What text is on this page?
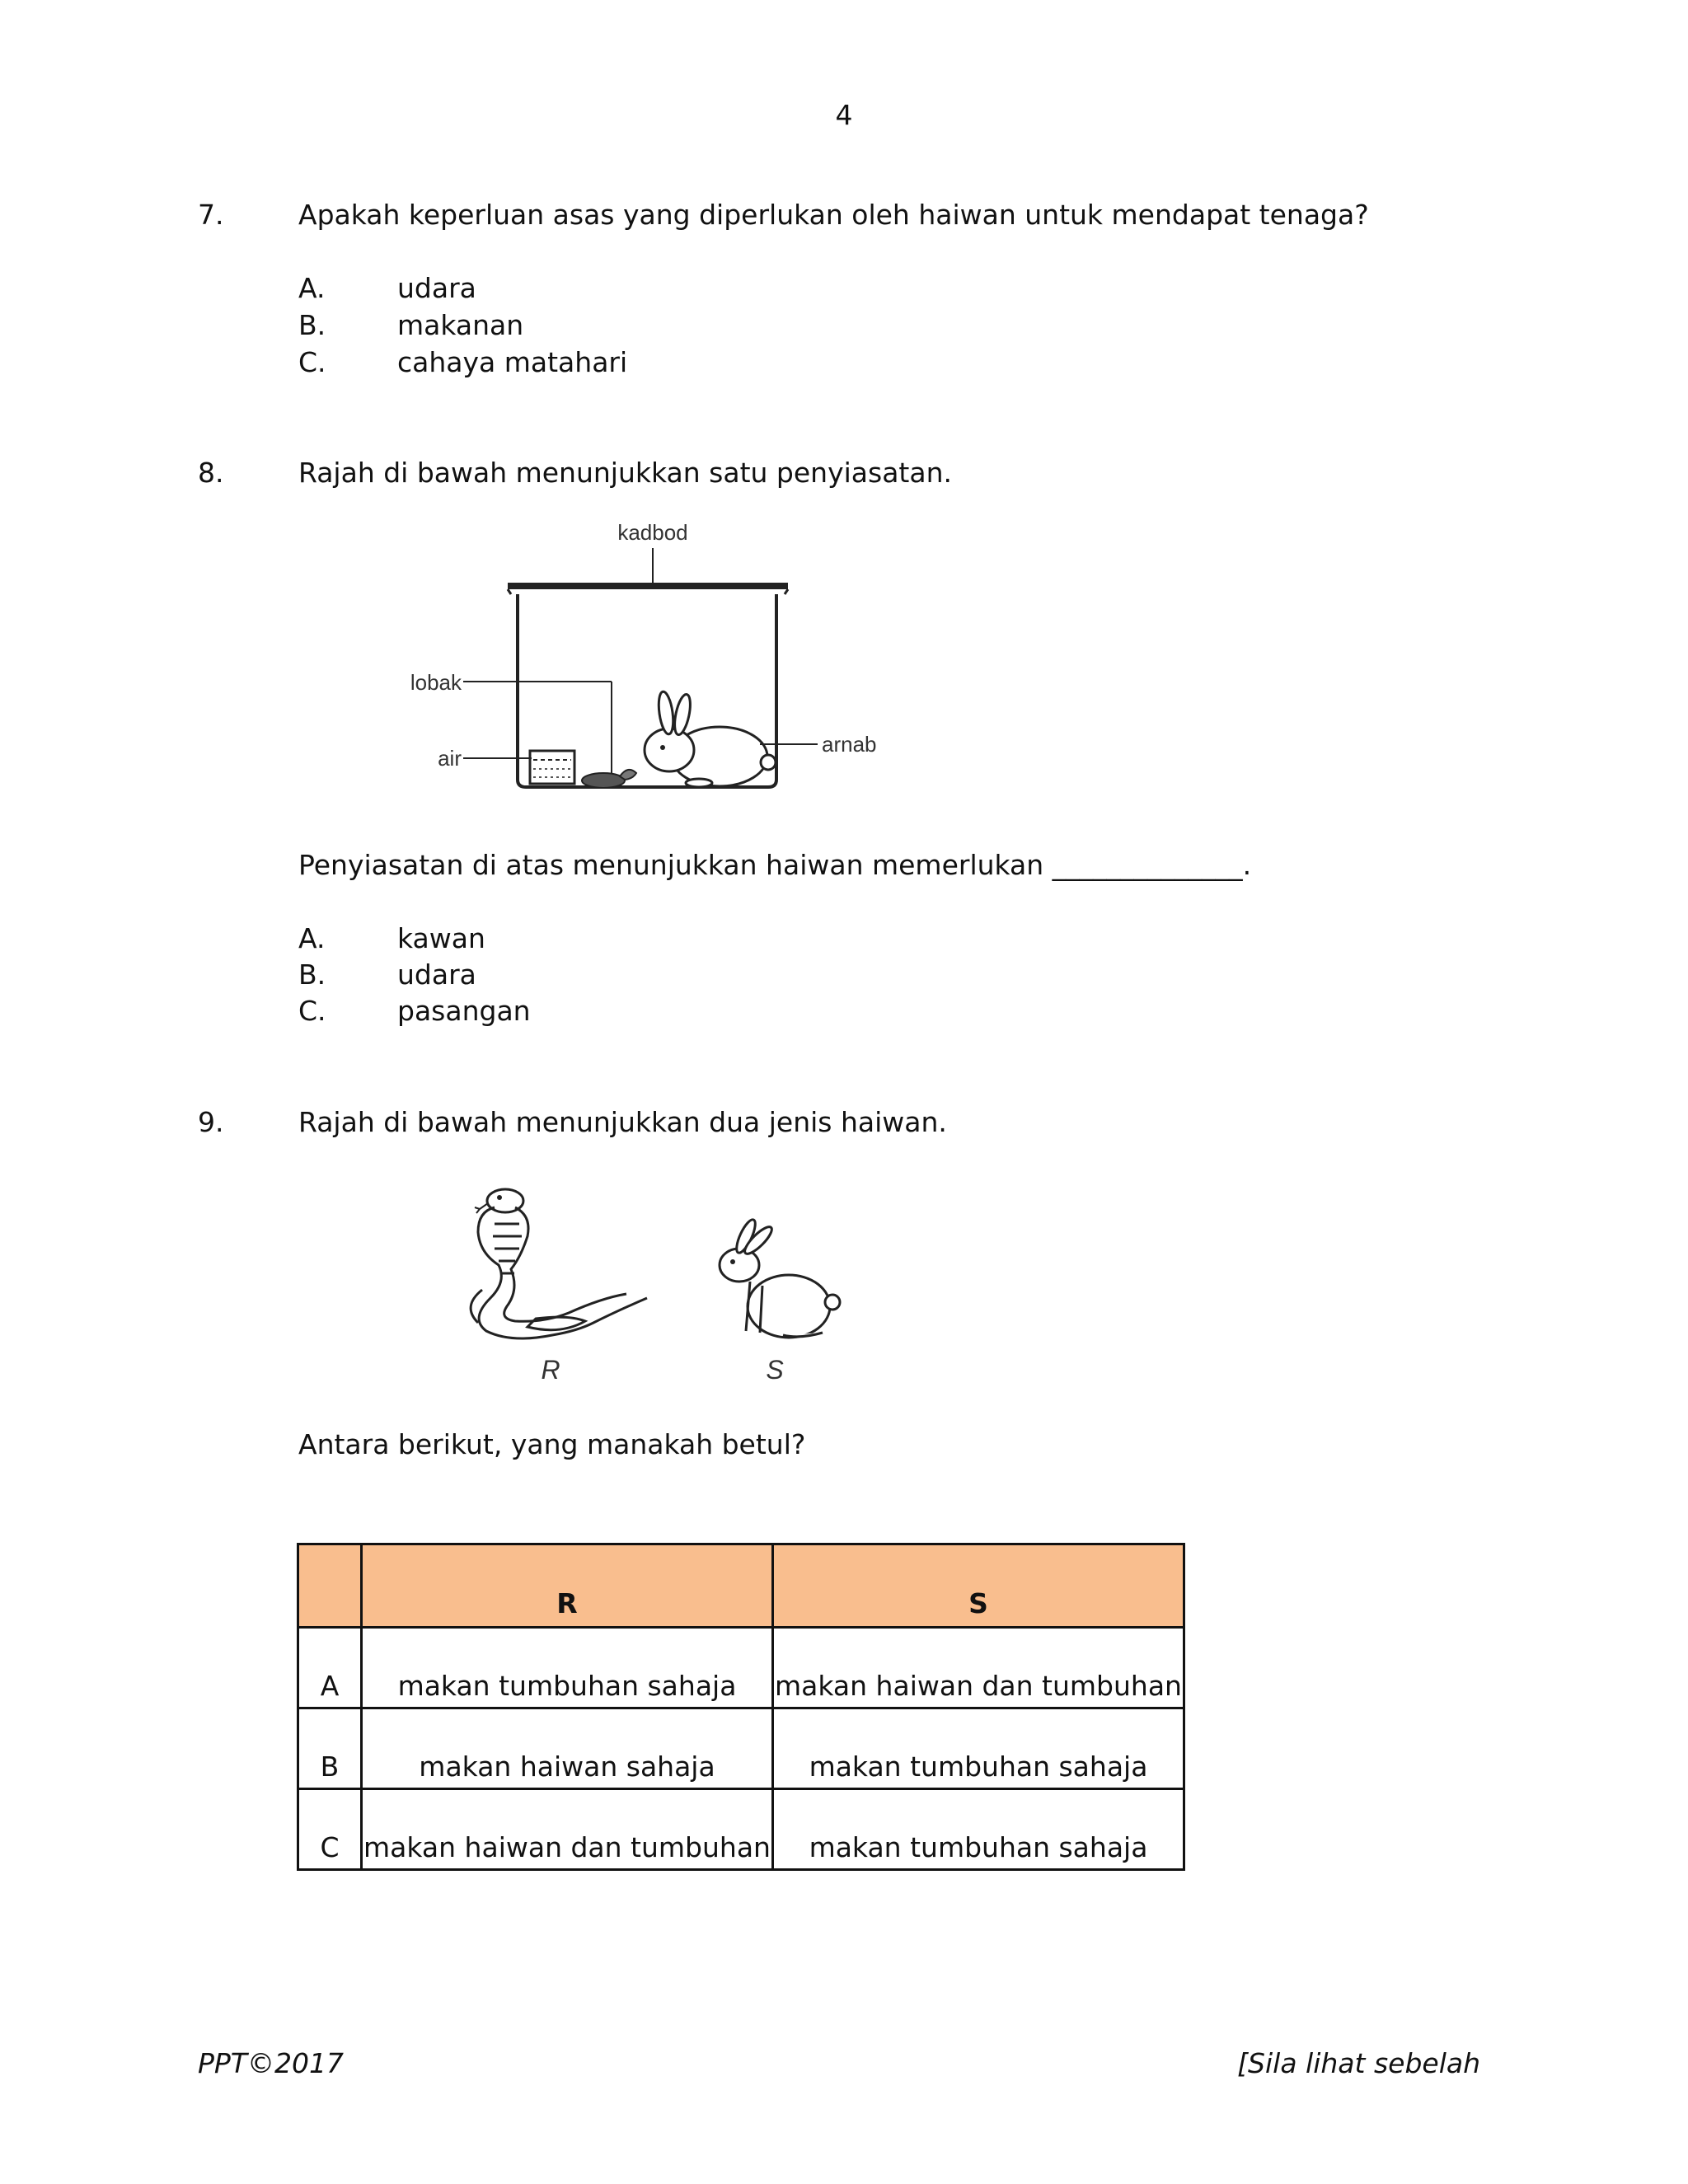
4
7.	Apakah keperluan asas yang diperlukan oleh haiwan untuk mendapat tenaga?
A.	udara
B.	makanan
C.	cahaya matahari
8.	Rajah di bawah menunjukkan satu penyiasatan.
kadbod
lobak
air
arnab
Penyiasatan di atas menunjukkan haiwan memerlukan ______________.
A.	kawan
B.	udara
C.	pasangan
9.	Rajah di bawah menunjukkan dua jenis haiwan.
R	S
Antara berikut, yang manakah betul?
	R	S
A	makan tumbuhan sahaja	makan haiwan dan tumbuhan
B	makan haiwan sahaja	makan tumbuhan sahaja
C	makan haiwan dan tumbuhan	makan tumbuhan sahaja
PPT©2017	[Sila lihat sebelah
